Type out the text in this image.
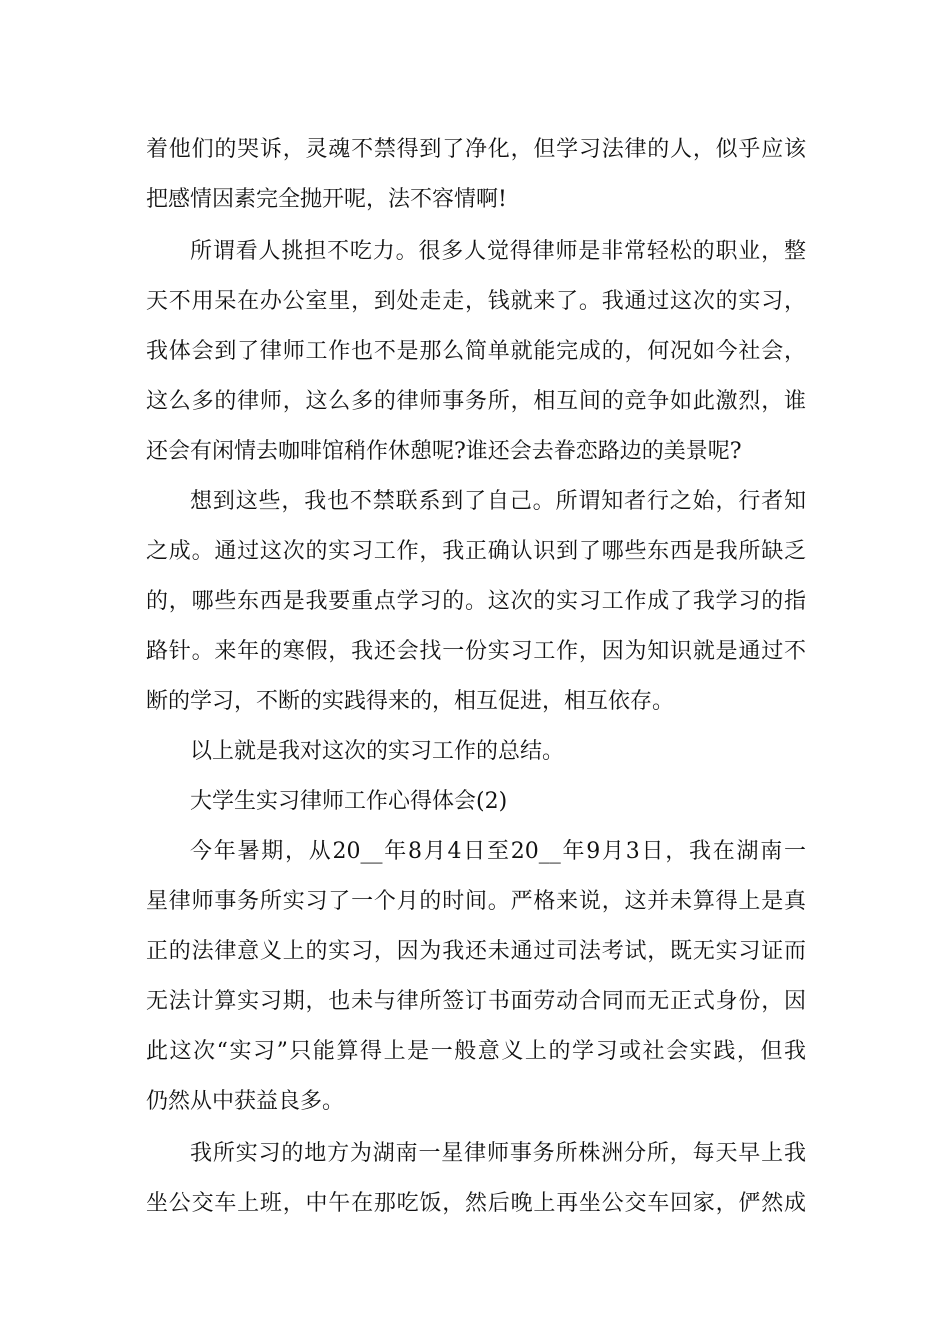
着他们的哭诉，灵魂不禁得到了净化，但学习法律的人，似乎应该
把感情因素完全抛开呢，法不容情啊!
所谓看人挑担不吃力。很多人觉得律师是非常轻松的职业，整
天不用呆在办公室里，到处走走，钱就来了。我通过这次的实习，
我体会到了律师工作也不是那么简单就能完成的，何况如今社会，
这么多的律师，这么多的律师事务所，相互间的竞争如此激烈，谁
还会有闲情去咖啡馆稍作休憩呢?谁还会去眷恋路边的美景呢?
想到这些，我也不禁联系到了自己。所谓知者行之始，行者知
之成。通过这次的实习工作，我正确认识到了哪些东西是我所缺乏
的，哪些东西是我要重点学习的。这次的实习工作成了我学习的指
路针。来年的寒假，我还会找一份实习工作，因为知识就是通过不
断的学习，不断的实践得来的，相互促进，相互依存。
以上就是我对这次的实习工作的总结。
大学生实习律师工作心得体会(2)
今年暑期，从20__年8月4日至20__年9月3日，我在湖南一
星律师事务所实习了一个月的时间。严格来说，这并未算得上是真
正的法律意义上的实习，因为我还未通过司法考试，既无实习证而
无法计算实习期，也未与律所签订书面劳动合同而无正式身份，因
此这次“实习”只能算得上是一般意义上的学习或社会实践，但我
仍然从中获益良多。
我所实习的地方为湖南一星律师事务所株洲分所，每天早上我
坐公交车上班，中午在那吃饭，然后晚上再坐公交车回家，俨然成
